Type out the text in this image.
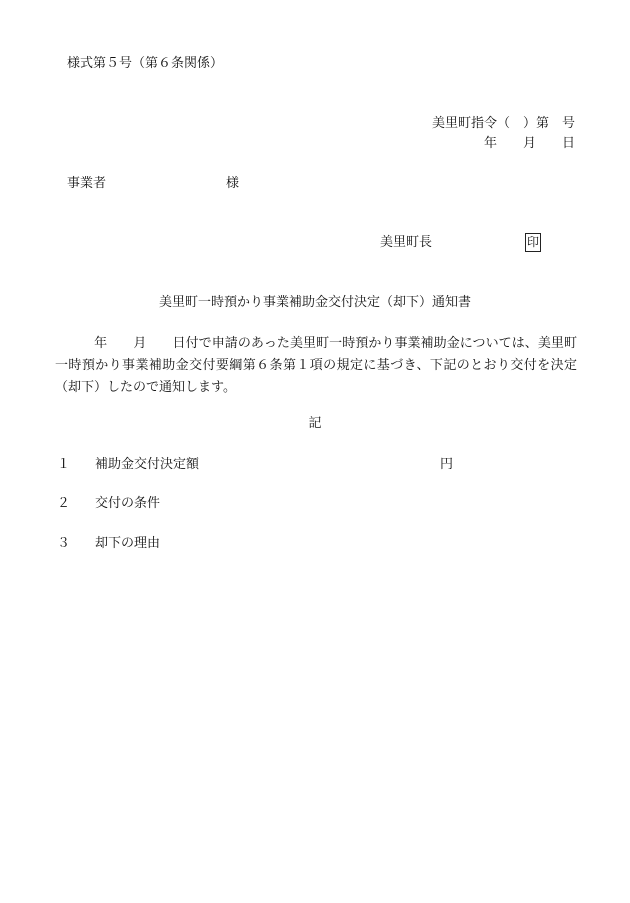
様式第５号（第６条関係）
美里町指令（　）第　号
年　　月　　日
事業者	様
美里町長	印
美里町一時預かり事業補助金交付決定（却下）通知書
　　　年　　月　　日付で申請のあった美里町一時預かり事業補助金については、美里町一時預かり事業補助金交付要綱第６条第１項の規定に基づき、下記のとおり交付を決定（却下）したので通知します。
記
１ 補助金交付決定額	円
２ 交付の条件
３ 却下の理由
